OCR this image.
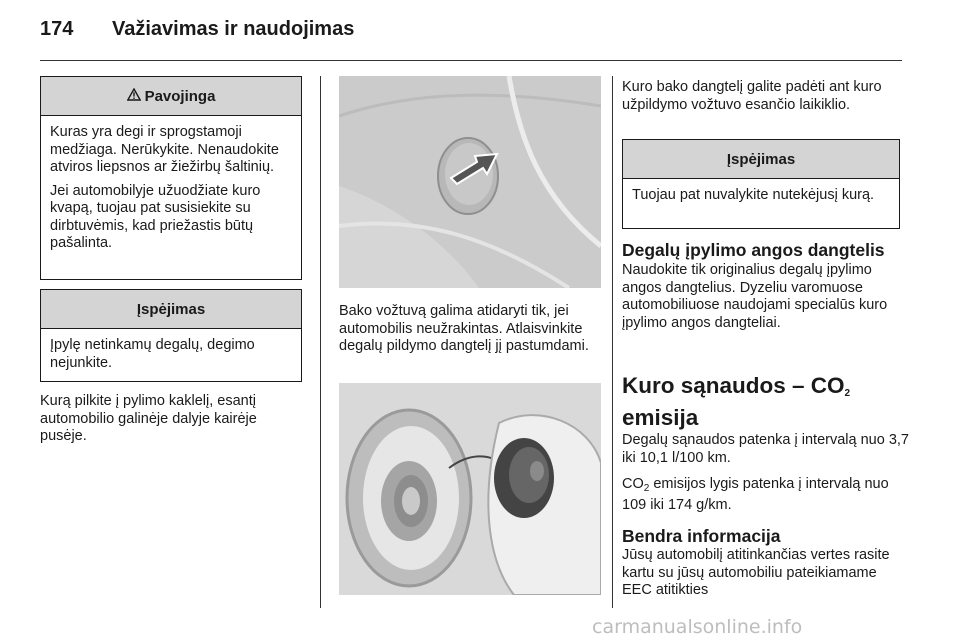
174 Važiavimas ir naudojimas
Pavojinga

Kuras yra degi ir sprogstamoji medžiaga. Nerūkykite. Nenaudokite atviros liepsnos ar žiežirbų šaltinių.

Jei automobilyje užuodžiate kuro kvapą, tuojau pat susisiekite su dirbtuvėmis, kad priežastis būtų pašalinta.

Įspėjimas
Įpylę netinkamų degalų, degimo nejunkite.

Kurą pilkite į pylimo kaklelį, esantį automobilio galinėje dalyje kairėje pusėje.

Bako vožtuvą galima atidaryti tik, jei automobilis neužrakintas. Atlaisvinkite degalų pildymo dangtelį jį pastumdami.

Kuro bako dangtelį galite padėti ant kuro užpildymo vožtuvo esančio laikiklio.

Įspėjimas
Tuojau pat nuvalykite nutekėjusį kurą.
Degalų įpylimo angos dangtelis

Naudokite tik originalius degalų įpylimo angos dangtelius. Dyzeliu varomuose automobiliuose naudojami specialūs kuro įpylimo angos dangteliai.

Kuro sąnaudos – $CO_2$
emisija

Degalų sąnaudos patenka į intervalą nuo 3,7 iki 10,1 l/100 km.

$CO_2$ emisijos lygis patenka į intervalą nuo 109 iki 174 g/km.

Bendra informacija

Jūsų automobilį atitinkančias vertes rasite kartu su jūsų automobiliu pateikiamame EEC atitikties

carmanualsonline.info
